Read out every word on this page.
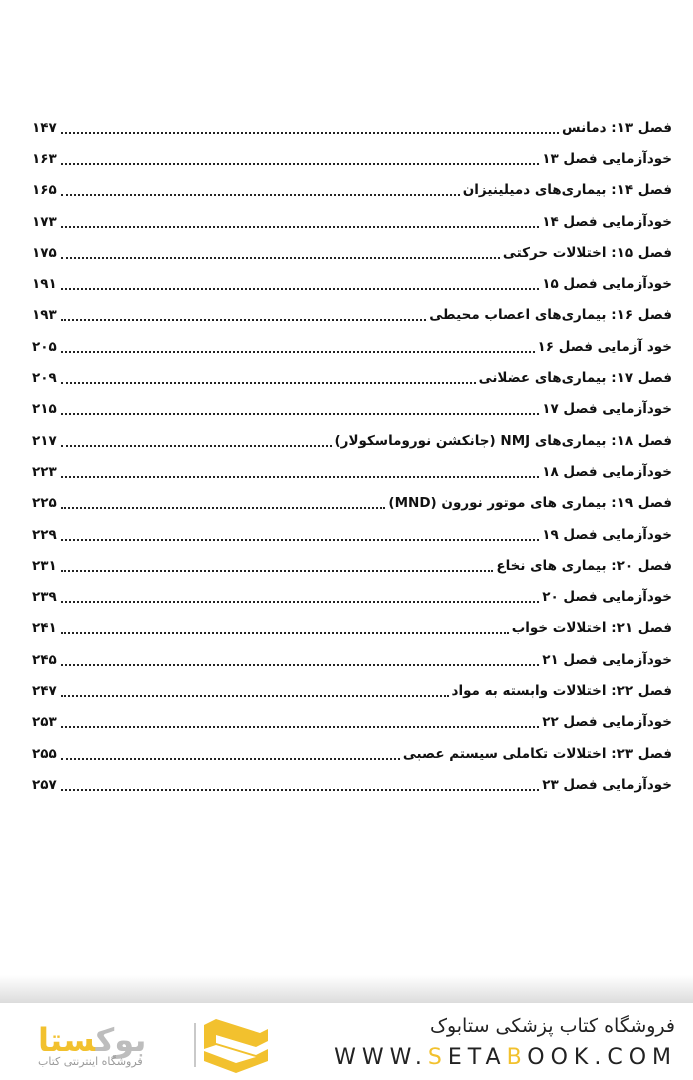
فصل ۱۳: دمانس
۱۴۷
خودآزمایی فصل ۱۳
۱۶۳
فصل ۱۴: بیماری‌های دمیلینیزان
۱۶۵
خودآزمایی فصل ۱۴
۱۷۳
فصل ۱۵: اختلالات حرکتی
۱۷۵
خودآزمایی فصل ۱۵
۱۹۱
فصل ۱۶: بیماری‌های اعصاب محیطی
۱۹۳
خود آزمایی فصل ۱۶
۲۰۵
فصل ۱۷: بیماری‌های عضلانی
۲۰۹
خودآزمایی فصل ۱۷
۲۱۵
فصل ۱۸: بیماری‌های NMJ (جانکشن نوروماسکولار)
۲۱۷
خودآزمایی فصل ۱۸
۲۲۳
فصل ۱۹: بیماری های موتور نورون (MND)
۲۲۵
خودآزمایی فصل ۱۹
۲۲۹
فصل ۲۰: بیماری های نخاع
۲۳۱
خودآزمایی فصل ۲۰
۲۳۹
فصل ۲۱: اختلالات خواب
۲۴۱
خودآزمایی فصل ۲۱
۲۴۵
فصل ۲۲: اختلالات وابسته به مواد
۲۴۷
خودآزمایی فصل ۲۲
۲۵۳
فصل ۲۳: اختلالات تکاملی سیستم عصبی
۲۵۵
خودآزمایی فصل ۲۳
۲۵۷
بوکستا
فروشگاه اینترنتی کتاب
فروشگاه کتاب پزشکی ستابوک
WWW.SETABOOK.COM
